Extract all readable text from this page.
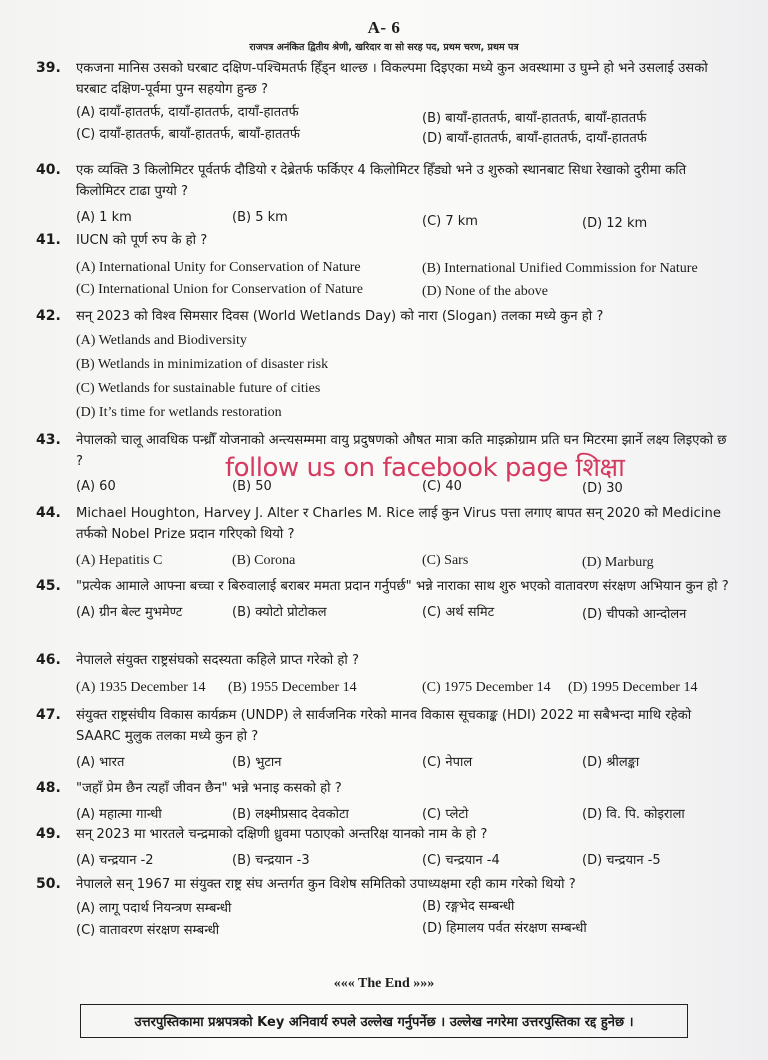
A- 6
राजपत्र अनंकित द्वितीय श्रेणी, खरिदार वा सो सरह पद, प्रथम चरण, प्रथम पत्र
39. एकजना मानिस उसको घरबाट दक्षिण-पश्चिमतर्फ हिँड्न थाल्छ । विकल्पमा दिइएका मध्ये कुन अवस्थामा उ घुम्ने हो भने उसलाई उसको घरबाट दक्षिण-पूर्वमा पुग्न सहयोग हुन्छ ?
(A) दायाँ-हाततर्फ, दायाँ-हाततर्फ, दायाँ-हाततर्फ	(B) बायाँ-हाततर्फ, बायाँ-हाततर्फ, बायाँ-हाततर्फ
(C) दायाँ-हाततर्फ, बायाँ-हाततर्फ, बायाँ-हाततर्फ	(D) बायाँ-हाततर्फ, बायाँ-हाततर्फ, दायाँ-हाततर्फ
40. एक व्यक्ति 3 किलोमिटर पूर्वतर्फ दौडियो र देब्रेतर्फ फर्किएर 4 किलोमिटर हिँड्यो भने उ शुरुको स्थानबाट सिधा रेखाको दुरीमा कति किलोमिटर टाढा पुग्यो ?
(A) 1 km	(B) 5 km	(C) 7 km	(D) 12 km
41. IUCN को पूर्ण रुप के हो ?
(A) International Unity for Conservation of Nature	(B) International Unified Commission for Nature
(C) International Union for Conservation of Nature	(D) None of the above
42. सन् 2023 को विश्व सिमसार दिवस (World Wetlands Day) को नारा (Slogan) तलका मध्ये कुन हो ?
(A) Wetlands and Biodiversity
(B) Wetlands in minimization of disaster risk
(C) Wetlands for sustainable future of cities
(D) It’s time for wetlands restoration
43. नेपालको चालू आवधिक पन्ध्रौँ योजनाको अन्त्यसम्ममा वायु प्रदुषणको औषत मात्रा कति माइक्रोग्राम प्रति घन मिटरमा झार्ने लक्ष्य लिइएको छ ?
(A) 60	(B) 50	(C) 40	(D) 30
44. Michael Houghton, Harvey J. Alter र Charles M. Rice लाई कुन Virus पत्ता लगाए बापत सन् 2020 को Medicine तर्फको Nobel Prize प्रदान गरिएको थियो ?
(A) Hepatitis C	(B) Corona	(C) Sars	(D) Marburg
45. "प्रत्येक आमाले आफ्ना बच्चा र बिरुवालाई बराबर ममता प्रदान गर्नुपर्छ" भन्ने नाराका साथ शुरु भएको वातावरण संरक्षण अभियान कुन हो ?
(A) ग्रीन बेल्ट मुभमेण्ट	(B) क्योटो प्रोटोकल	(C) अर्थ समिट	(D) चीपको आन्दोलन
46. नेपालले संयुक्त राष्ट्रसंघको सदस्यता कहिले प्राप्त गरेको हो ?
(A) 1935 December 14 (B) 1955 December 14	(C) 1975 December 14 (D) 1995 December 14
47. संयुक्त राष्ट्रसंघीय विकास कार्यक्रम (UNDP) ले सार्वजनिक गरेको मानव विकास सूचकाङ्क (HDI) 2022 मा सबैभन्दा माथि रहेको SAARC मुलुक तलका मध्ये कुन हो ?
(A) भारत	(B) भुटान	(C) नेपाल	(D) श्रीलङ्का
48. "जहाँ प्रेम छैन त्यहाँ जीवन छैन" भन्ने भनाइ कसको हो ?
(A) महात्मा गान्धी	(B) लक्ष्मीप्रसाद देवकोटा	(C) प्लेटो	(D) वि. पि. कोइराला
49. सन् 2023 मा भारतले चन्द्रमाको दक्षिणी ध्रुवमा पठाएको अन्तरिक्ष यानको नाम के हो ?
(A) चन्द्रयान -2	(B) चन्द्रयान -3	(C) चन्द्रयान -4	(D) चन्द्रयान -5
50. नेपालले सन् 1967 मा संयुक्त राष्ट्र संघ अन्तर्गत कुन विशेष समितिको उपाध्यक्षमा रही काम गरेको थियो ?
(A) लागू पदार्थ नियन्त्रण सम्बन्धी	(B) रङ्गभेद सम्बन्धी
(C) वातावरण संरक्षण सम्बन्धी	(D) हिमालय पर्वत संरक्षण सम्बन्धी
follow us on facebook page शिक्षा
««« The End »»»
उत्तरपुस्तिकामा प्रश्नपत्रको Key अनिवार्य रुपले उल्लेख गर्नुपर्नेछ । उल्लेख नगरेमा उत्तरपुस्तिका रद्द हुनेछ ।
